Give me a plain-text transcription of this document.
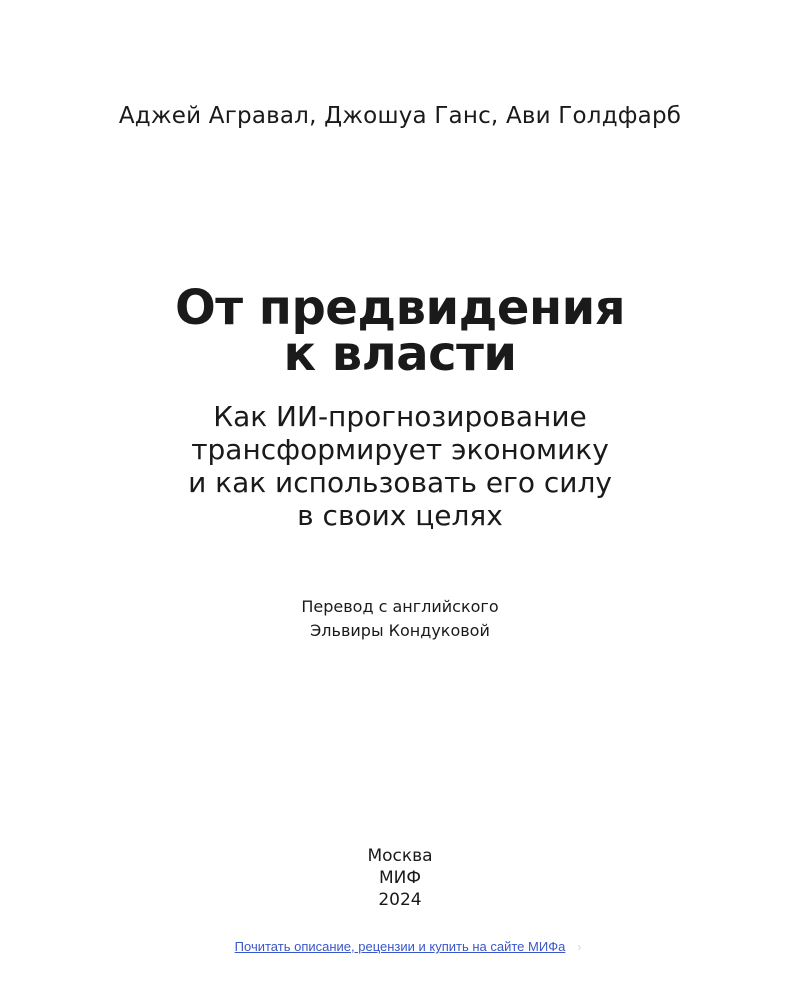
Аджей Агравал, Джошуа Ганс, Ави Голдфарб
От предвидения
к власти
Как ИИ-прогнозирование
трансформирует экономику
и как использовать его силу
в своих целях
Перевод с английского
Эльвиры Кондуковой
Москва
МИФ
2024
Почитать описание, рецензии и купить на сайте МИФа ›
